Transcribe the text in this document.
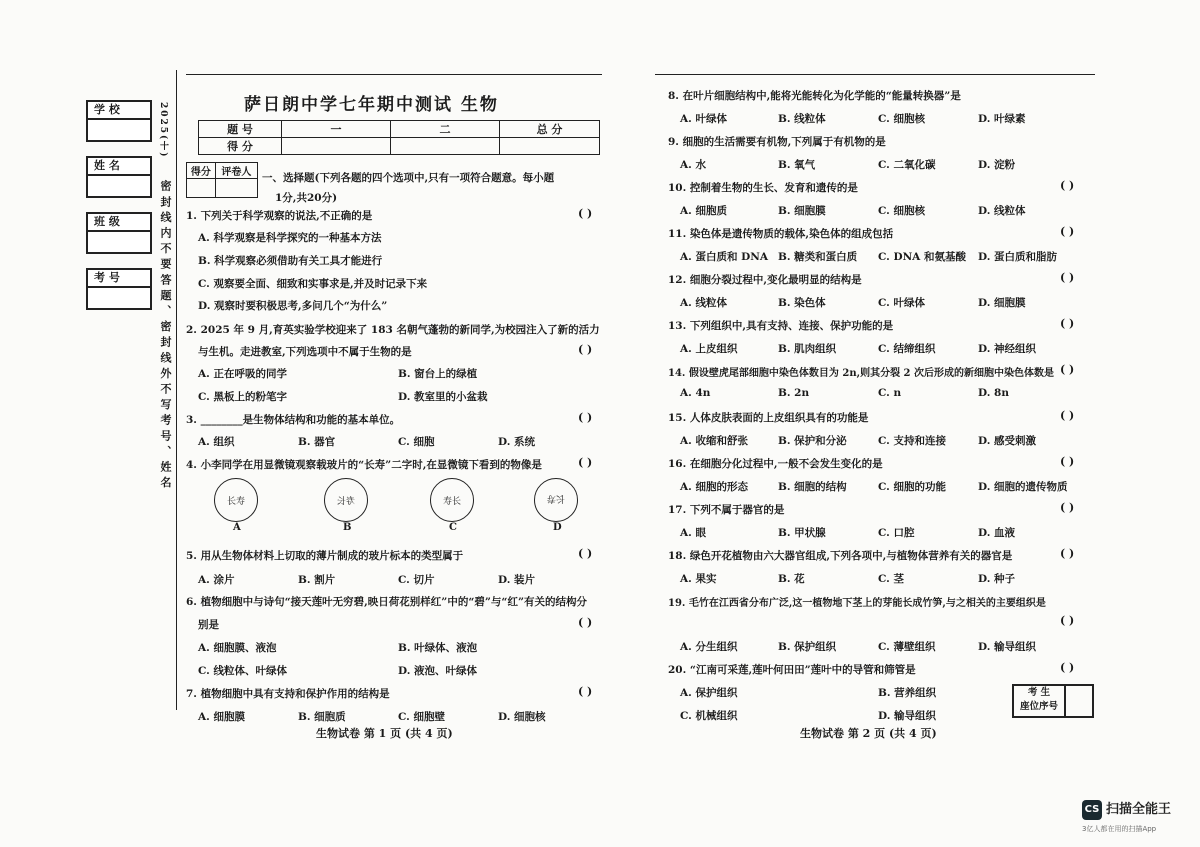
学 校
姓 名
班 级
考 号
2025(十)
密封线内不要答题、密封线外不写考号、姓名
萨日朗中学七年期中测试 生物
题 号	一	二	总 分
得 分			
得分	评卷人
	一、选择题(下列各题的四个选项中,只有一项符合题意。每小题
1分,共20分)
1. 下列关于科学观察的说法,不正确的是	( )
A. 科学观察是科学探究的一种基本方法
B. 科学观察必须借助有关工具才能进行
C. 观察要全面、细致和实事求是,并及时记录下来
D. 观察时要积极思考,多问几个“为什么”
2. 2025 年 9 月,育英实验学校迎来了 183 名朝气蓬勃的新同学,为校园注入了新的活力
与生机。走进教室,下列选项中不属于生物的是	( )
A. 正在呼吸的同学	B. 窗台上的绿植
C. 黑板上的粉笔字	D. 教室里的小盆栽
3. ________是生物体结构和功能的基本单位。	( )
A. 组织	B. 器官	C. 细胞	D. 系统
4. 小李同学在用显微镜观察载玻片的“长寿”二字时,在显微镜下看到的物像是	( )
长寿
A
寿长
B
寿长
C
长寿
D
5. 用从生物体材料上切取的薄片制成的玻片标本的类型属于	( )
A. 涂片	B. 割片	C. 切片	D. 装片
6. 植物细胞中与诗句“接天莲叶无穷碧,映日荷花别样红”中的“碧”与“红”有关的结构分
别是	( )
A. 细胞膜、液泡	B. 叶绿体、液泡
C. 线粒体、叶绿体	D. 液泡、叶绿体
7. 植物细胞中具有支持和保护作用的结构是	( )
A. 细胞膜	B. 细胞质	C. 细胞壁	D. 细胞核
生物试卷 第 1 页 (共 4 页)
8. 在叶片细胞结构中,能将光能转化为化学能的“能量转换器”是
A. 叶绿体	B. 线粒体	C. 细胞核	D. 叶绿素
9. 细胞的生活需要有机物,下列属于有机物的是
A. 水	B. 氧气	C. 二氧化碳	D. 淀粉
10. 控制着生物的生长、发育和遗传的是	( )
A. 细胞质	B. 细胞膜	C. 细胞核	D. 线粒体
11. 染色体是遗传物质的载体,染色体的组成包括	( )
A. 蛋白质和 DNA B. 糖类和蛋白质 C. DNA 和氨基酸 D. 蛋白质和脂肪
12. 细胞分裂过程中,变化最明显的结构是	( )
A. 线粒体	B. 染色体	C. 叶绿体	D. 细胞膜
13. 下列组织中,具有支持、连接、保护功能的是	( )
A. 上皮组织	B. 肌肉组织	C. 结缔组织	D. 神经组织
14. 假设壁虎尾部细胞中染色体数目为 2n,则其分裂 2 次后形成的新细胞中染色体数是 ( )
A. 4n	B. 2n	C. n	D. 8n
15. 人体皮肤表面的上皮组织具有的功能是	( )
A. 收缩和舒张	B. 保护和分泌	C. 支持和连接	D. 感受刺激
16. 在细胞分化过程中,一般不会发生变化的是	( )
A. 细胞的形态	B. 细胞的结构	C. 细胞的功能	D. 细胞的遗传物质
17. 下列不属于器官的是	( )
A. 眼	B. 甲状腺	C. 口腔	D. 血液
18. 绿色开花植物由六大器官组成,下列各项中,与植物体营养有关的器官是	( )
A. 果实	B. 花	C. 茎	D. 种子
19. 毛竹在江西省分布广泛,这一植物地下茎上的芽能长成竹笋,与之相关的主要组织是
( )
A. 分生组织	B. 保护组织	C. 薄壁组织	D. 输导组织
20. “江南可采莲,莲叶何田田”莲叶中的导管和筛管是	( )
A. 保护组织	B. 营养组织
C. 机械组织	D. 输导组织
考 生
座位序号
生物试卷 第 2 页 (共 4 页)
CS 扫描全能王
3亿人都在用的扫描App
